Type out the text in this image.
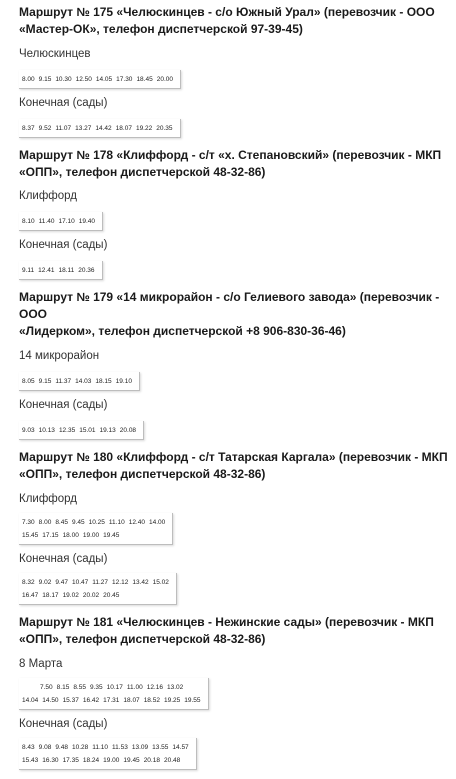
Маршрут № 175 «Челюскинцев - с/о Южный Урал» (перевозчик - ООО

«Мастер-ОК», телефон диспетчерской 97-39-45)

Челюскинцев

8.00 9.15 10.30 12.50 14.05 17.30 18.45 20.00

Конечная (сады)

8.37 9.52 11.07 13.27 14.42 18.07 19.22 20.35

Маршрут № 178 «Клиффорд - с/т «х. Степановский» (перевозчик - МКП

«ОПП», телефон диспетчерской 48-32-86)

Клиффорд

8.10 11.40 17.10 19.40

Конечная (сады)

9.11 12.41 18.11 20.36

Маршрут № 179 «14 микрорайон - с/о Гелиевого завода» (перевозчик - ООО

«Лидерком», телефон диспетчерской +8 906-830-36-46)

14 микрорайон

8.05 9.15 11.37 14.03 18.15 19.10

Конечная (сады)

9.03 10.13 12.35 15.01 19.13 20.08

Маршрут № 180 «Клиффорд - с/т Татарская Каргала» (перевозчик - МКП

«ОПП», телефон диспетчерской 48-32-86)

Клиффорд

7.30 8.00 8.45 9.45 10.25 11.10 12.40 14.00
15.45 17.15 18.00 19.00 19.45

Конечная (сады)

8.32 9.02 9.47 10.47 11.27 12.12 13.42 15.02
16.47 18.17 19.02 20.02 20.45

Маршрут № 181 «Челюскинцев - Нежинские сады» (перевозчик - МКП

«ОПП», телефон диспетчерской 48-32-86)

8 Марта

7.50 8.15 8.55 9.35 10.17 11.00 12.16 13.02
14.04 14.50 15.37 16.42 17.31 18.07 18.52 19.25 19.55

Конечная (сады)

8.43 9.08 9.48 10.28 11.10 11.53 13.09 13.55 14.57
15.43 16.30 17.35 18.24 19.00 19.45 20.18 20.48
